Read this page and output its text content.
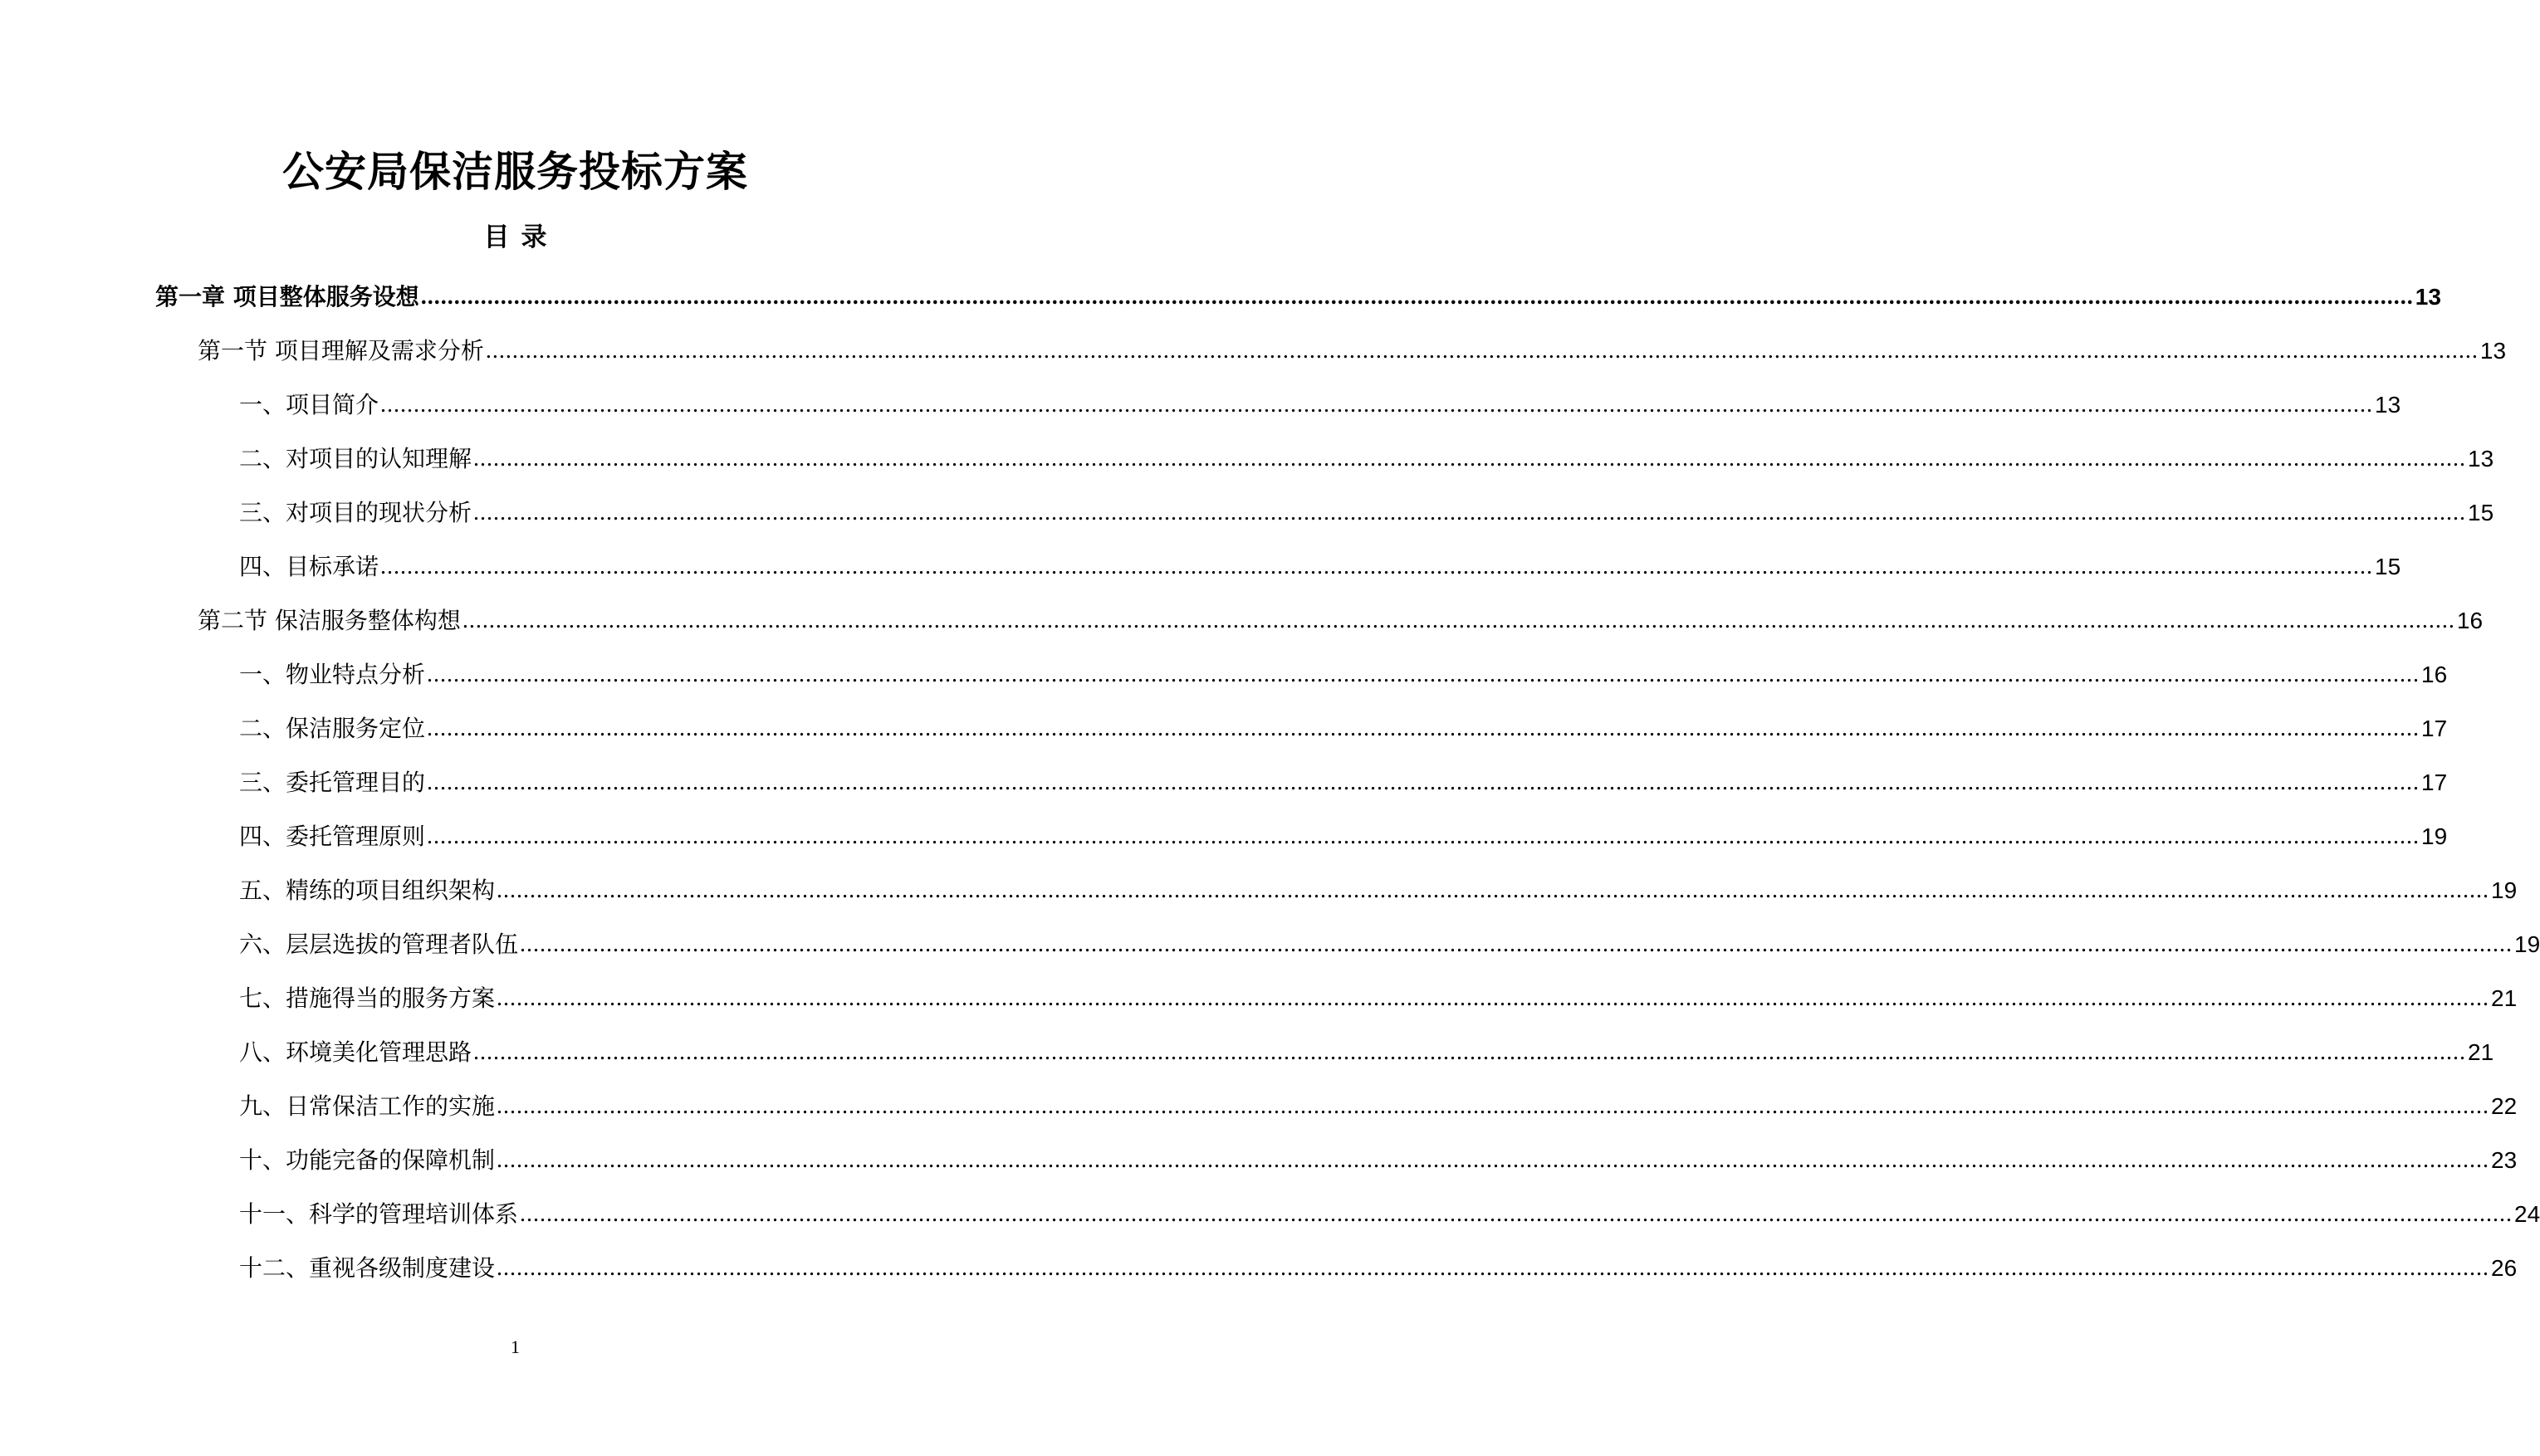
公安局保洁服务投标方案
目录
第一章 项目整体服务设想 ............................................................................................................................................................................................................................................................................................................ 13
第一节 项目理解及需求分析 ............................................................................................................................................................................................................................................................................................................ 13
一、项目简介 ............................................................................................................................................................................................................................................................................................................ 13
二、对项目的认知理解 ............................................................................................................................................................................................................................................................................................................ 13
三、对项目的现状分析 ............................................................................................................................................................................................................................................................................................................ 15
四、目标承诺 ............................................................................................................................................................................................................................................................................................................ 15
第二节 保洁服务整体构想 ............................................................................................................................................................................................................................................................................................................ 16
一、物业特点分析 ............................................................................................................................................................................................................................................................................................................ 16
二、保洁服务定位 ............................................................................................................................................................................................................................................................................................................ 17
三、委托管理目的 ............................................................................................................................................................................................................................................................................................................ 17
四、委托管理原则 ............................................................................................................................................................................................................................................................................................................ 19
五、精练的项目组织架构 ............................................................................................................................................................................................................................................................................................................ 19
六、层层选拔的管理者队伍 ............................................................................................................................................................................................................................................................................................................ 19
七、措施得当的服务方案 ............................................................................................................................................................................................................................................................................................................ 21
八、环境美化管理思路 ............................................................................................................................................................................................................................................................................................................ 21
九、日常保洁工作的实施 ............................................................................................................................................................................................................................................................................................................ 22
十、功能完备的保障机制 ............................................................................................................................................................................................................................................................................................................ 23
十一、科学的管理培训体系 ............................................................................................................................................................................................................................................................................................................ 24
十二、重视各级制度建设 ............................................................................................................................................................................................................................................................................................................ 26
1
